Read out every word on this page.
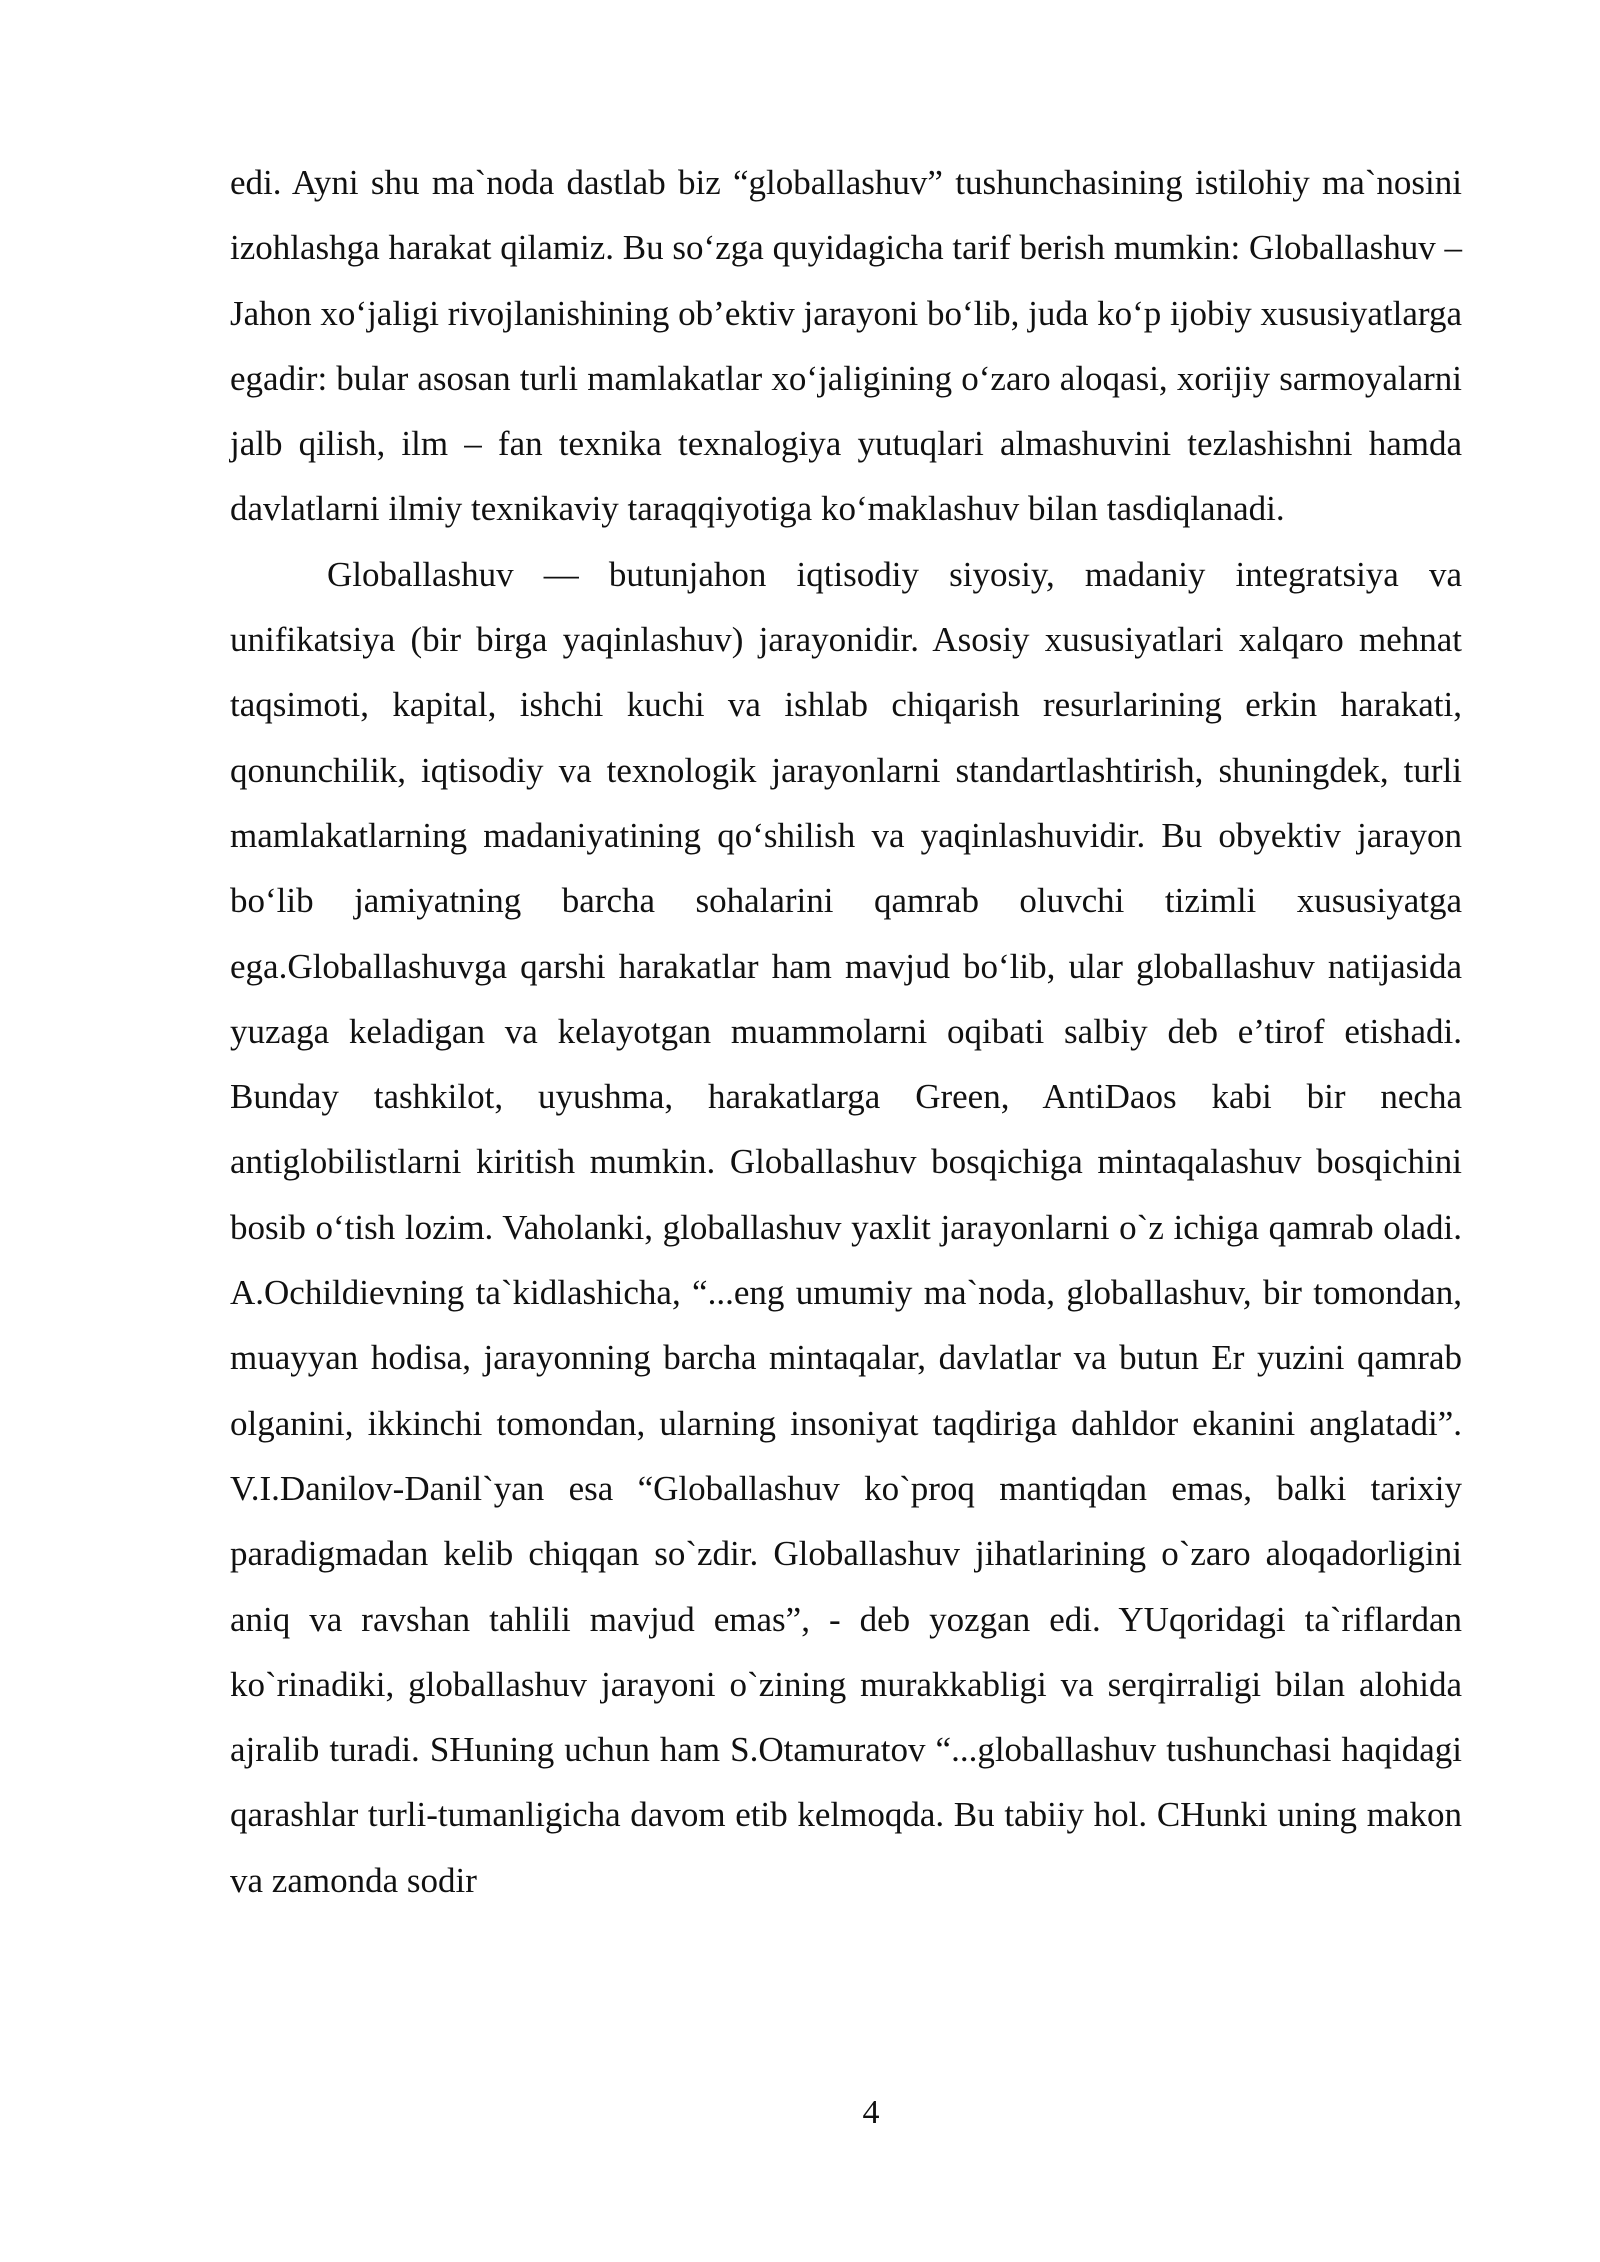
edi. Ayni shu ma`noda dastlab biz “globallashuv” tushunchasining istilohiy ma`nosini izohlashga harakat qilamiz. Bu so‘zga quyidagicha tarif berish mumkin: Globallashuv – Jahon xo‘jaligi rivojlanishining ob’ektiv jarayoni bo‘lib, juda ko‘p ijobiy xususiyatlarga egadir: bular asosan turli mamlakatlar xo‘jaligining o‘zaro aloqasi, xorijiy sarmoyalarni jalb qilish, ilm – fan texnika texnalogiya yutuqlari almashuvini tezlashishni hamda davlatlarni ilmiy texnikaviy taraqqiyotiga ko‘maklashuv bilan tasdiqlanadi.

Globallashuv — butunjahon iqtisodiy siyosiy, madaniy integratsiya va unifikatsiya (bir birga yaqinlashuv) jarayonidir. Asosiy xususiyatlari xalqaro mehnat taqsimoti, kapital, ishchi kuchi va ishlab chiqarish resurlarining erkin harakati, qonunchilik, iqtisodiy va texnologik jarayonlarni standartlashtirish, shuningdek, turli mamlakatlarning madaniyatining qo‘shilish va yaqinlashuvidir. Bu obyektiv jarayon bo‘lib jamiyatning barcha sohalarini qamrab oluvchi tizimli xususiyatga ega.Globallashuvga qarshi harakatlar ham mavjud bo‘lib, ular globallashuv natijasida yuzaga keladigan va kelayotgan muammolarni oqibati salbiy deb e’tirof etishadi. Bunday tashkilot, uyushma, harakatlarga Green, AntiDaos kabi bir necha antiglobilistlarni kiritish mumkin. Globallashuv bosqichiga mintaqalashuv bosqichini bosib o‘tish lozim. Vaholanki, globallashuv yaxlit jarayonlarni o`z ichiga qamrab oladi. A.Ochildievning ta`kidlashicha, “...eng umumiy ma`noda, globallashuv, bir tomondan, muayyan hodisa, jarayonning barcha mintaqalar, davlatlar va butun Er yuzini qamrab olganini, ikkinchi tomondan, ularning insoniyat taqdiriga dahldor ekanini anglatadi”. V.I.Danilov-Danil`yan esa “Globallashuv ko`proq mantiqdan emas, balki tarixiy paradigmadan kelib chiqqan so`zdir. Globallashuv jihatlarining o`zaro aloqadorligini aniq va ravshan tahlili mavjud emas”, - deb yozgan edi. YUqoridagi ta`riflardan ko`rinadiki, globallashuv jarayoni o`zining murakkabligi va serqirraligi bilan alohida ajralib turadi. SHuning uchun ham S.Otamuratov “...globallashuv tushunchasi haqidagi qarashlar turli-tumanligicha davom etib kelmoqda. Bu tabiiy hol. CHunki uning makon va zamonda sodir

4
